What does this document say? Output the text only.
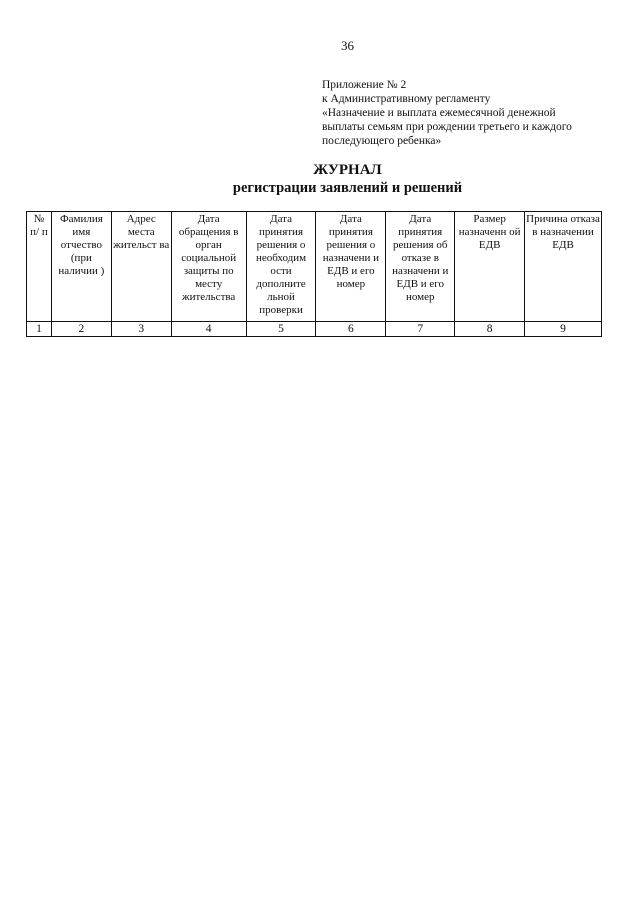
36
Приложение № 2
к Административному регламенту
«Назначение и выплата ежемесячной денежной
выплаты семьям при рождении третьего и каждого
последующего ребенка»
ЖУРНАЛ
регистрации заявлений и решений
№ п/ п	Фамилия имя отчество (при наличии )	Адрес места жительст ва	Дата обращения в орган социальной защиты по месту жительства	Дата принятия решения о необходим ости дополните льной проверки	Дата принятия решения о назначени и ЕДВ и его номер	Дата принятия решения об отказе в назначени и ЕДВ и его номер	Размер назначенн ой ЕДВ	Причина отказа в назначении ЕДВ
1	2	3	4	5	6	7	8	9
